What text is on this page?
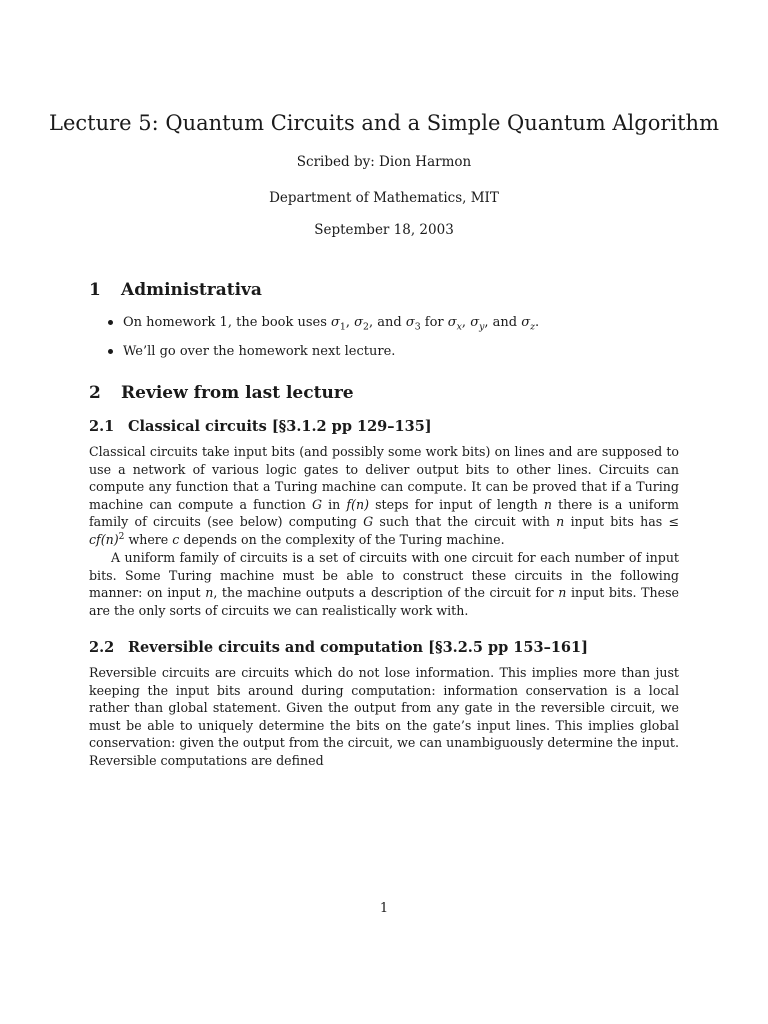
Lecture 5: Quantum Circuits and a Simple Quantum Algorithm
Scribed by: Dion Harmon
Department of Mathematics, MIT
September 18, 2003
1 Administrativa
On homework 1, the book uses $\sigma_1$, $\sigma_2$, and $\sigma_3$ for $\sigma_x$, $\sigma_y$, and $\sigma_z$.
We’ll go over the homework next lecture.
2 Review from last lecture
2.1 Classical circuits [§3.1.2 pp 129–135]

Classical circuits take input bits (and possibly some work bits) on lines and are supposed to use a network of various logic gates to deliver output bits to other lines. Circuits can compute any function that a Turing machine can compute. It can be proved that if a Turing machine can compute a function G in f(n) steps for input of length n there is a uniform family of circuits (see below) computing G such that the circuit with n input bits has ≤ $cf(n)^2$ where c depends on the complexity of the Turing machine.

A uniform family of circuits is a set of circuits with one circuit for each number of input bits. Some Turing machine must be able to construct these circuits in the following manner: on input n, the machine outputs a description of the circuit for n input bits. These are the only sorts of circuits we can realistically work with.

2.2 Reversible circuits and computation [§3.2.5 pp 153–161]

Reversible circuits are circuits which do not lose information. This implies more than just keeping the input bits around during computation: information conservation is a local rather than global statement. Given the output from any gate in the reversible circuit, we must be able to uniquely determine the bits on the gate’s input lines. This implies global conservation: given the output from the circuit, we can unambiguously determine the input. Reversible computations are defined

1
